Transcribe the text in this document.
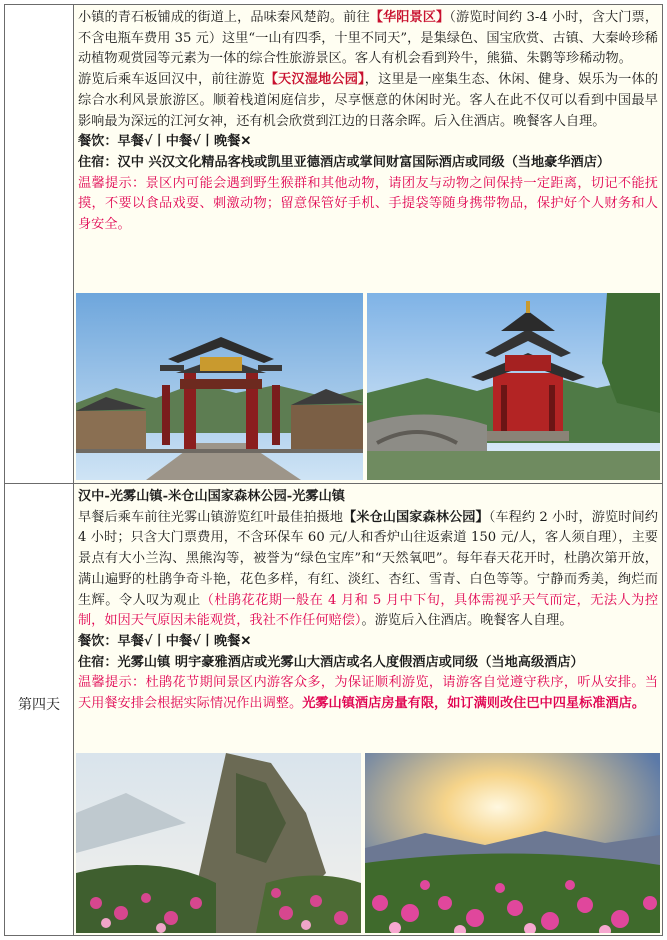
小镇的青石板铺成的街道上，品味秦风楚韵。前往【华阳景区】（游览时间约 3-4 小时，含大门票，不含电瓶车费用 35 元）这里“一山有四季，十里不同天”，是集绿色、国宝欣赏、古镇、大秦岭珍稀动植物观赏园等元素为一体的综合性旅游景区。客人有机会看到羚牛，熊猫、朱鹮等珍稀动物。

游览后乘车返回汉中，前往游览【天汉湿地公园】，这里是一座集生态、休闲、健身、娱乐为一体的综合水利风景旅游区。顺着栈道闲庭信步，尽享惬意的休闲时光。客人在此不仅可以看到中国最早影响最为深远的江河女神，还有机会欣赏到江边的日落余晖。后入住酒店。晚餐客人自理。

餐饮：早餐√丨中餐√丨晚餐✕

住宿：汉中 兴汉文化精品客栈或凯里亚德酒店或掌间财富国际酒店或同级（当地豪华酒店）

温馨提示：景区内可能会遇到野生猴群和其他动物，请团友与动物之间保持一定距离，切记不能抚摸，不要以食品戏耍、刺激动物；留意保管好手机、手提袋等随身携带物品，保护好个人财务和人身安全。

第四天

汉中-光雾山镇-米仓山国家森林公园-光雾山镇

早餐后乘车前往光雾山镇游览红叶最佳拍摄地【米仓山国家森林公园】（车程约 2 小时，游览时间约 4 小时；只含大门票费用，不含环保车 60 元/人和香炉山往返索道 150 元/人，客人须自理），主要景点有大小兰沟、黑熊沟等，被誉为“绿色宝库”和“天然氧吧”。每年春天花开时，杜鹃次第开放，满山遍野的杜鹃争奇斗艳，花色多样，有红、淡红、杏红、雪青、白色等等。宁静而秀美，绚烂而生辉。令人叹为观止（杜鹃花花期一般在 4 月和 5 月中下旬，具体需视乎天气而定，无法人为控制，如因天气原因未能观赏，我社不作任何赔偿）。游览后入住酒店。晚餐客人自理。

餐饮：早餐√丨中餐√丨晚餐✕

住宿：光雾山镇 明宇豪雅酒店或光雾山大酒店或名人度假酒店或同级（当地高级酒店）

温馨提示：杜鹃花节期间景区内游客众多，为保证顺利游览，请游客自觉遵守秩序，听从安排。当天用餐安排会根据实际情况作出调整。光雾山镇酒店房量有限，如订满则改住巴中四星标准酒店。
